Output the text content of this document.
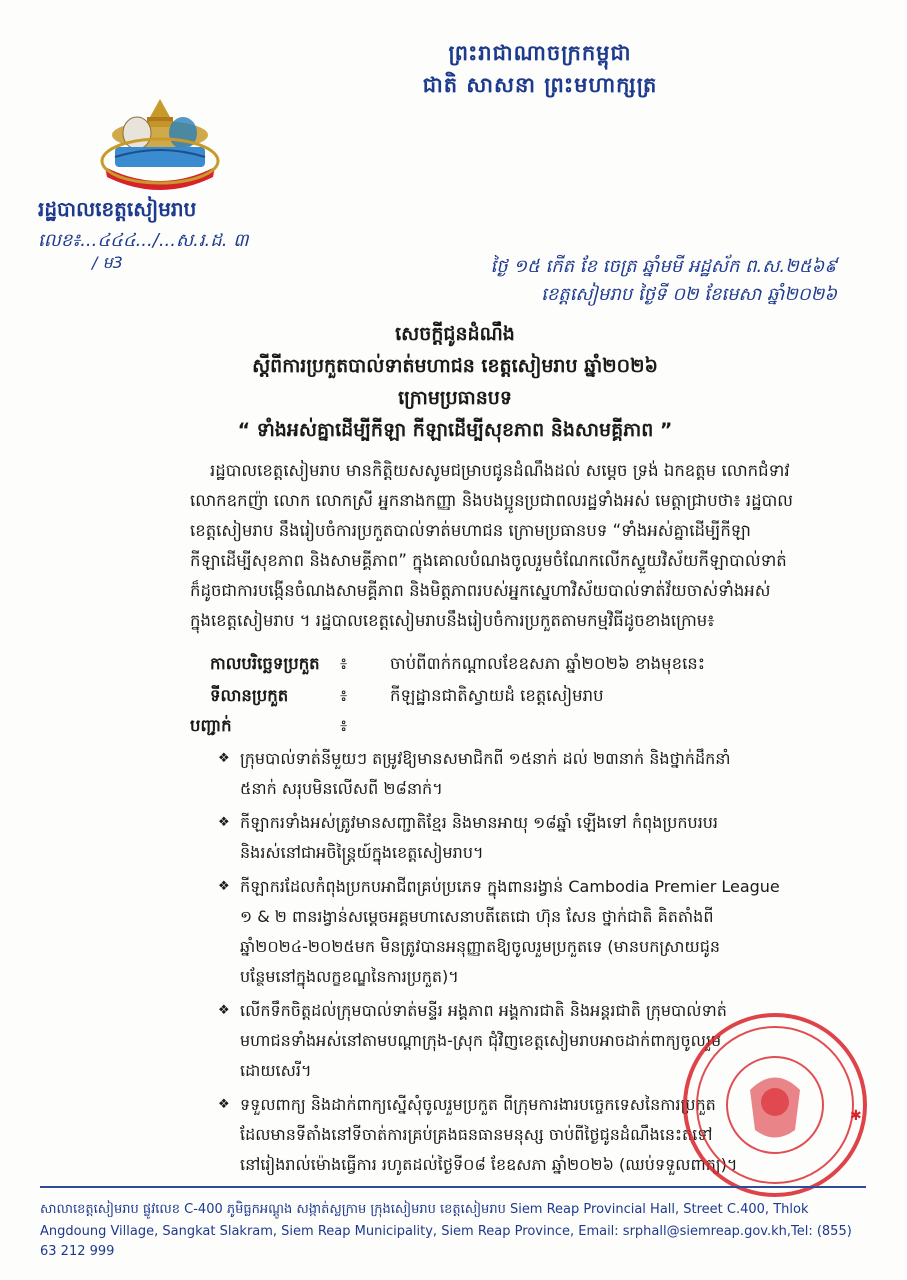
ព្រះរាជាណាចក្រកម្ពុជា
ជាតិ សាសនា ព្រះមហាក្សត្រ
រដ្ឋបាលខេត្តសៀមរាប
លេខ៖...៤៤៤.../...ស.រ.ដ. ៣
/ ម3	ថ្ងៃ ១៥ កើត ខែ ចេត្រ ឆ្នាំមមី អដ្ឋស័ក ព.ស.២៥៦៩
ខេត្តសៀមរាប ថ្ងៃទី ០២ ខែមេសា ឆ្នាំ២០២៦
សេចក្តីជូនដំណឹង
ស្តីពីការប្រកួតបាល់ទាត់មហាជន ខេត្តសៀមរាប ឆ្នាំ២០២៦
ក្រោមប្រធានបទ
“ ទាំងអស់គ្នាដើម្បីកីឡា កីឡាដើម្បីសុខភាព និងសាមគ្គីភាព ”
រដ្ឋបាលខេត្តសៀមរាប មានកិត្តិយសសូមជម្រាបជូនដំណឹងដល់ សម្តេច ទ្រង់ ឯកឧត្តម លោកជំទាវ
លោកឧកញ៉ា លោក លោកស្រី អ្នកនាងកញ្ញា និងបងប្អូនប្រជាពលរដ្ឋទាំងអស់ មេត្តាជ្រាបថា៖ រដ្ឋបាល
ខេត្តសៀមរាប នឹងរៀបចំការប្រកួតបាល់ទាត់មហាជន ក្រោមប្រធានបទ “ទាំងអស់គ្នាដើម្បីកីឡា
កីឡាដើម្បីសុខភាព និងសាមគ្គីភាព” ក្នុងគោលបំណងចូលរួមចំណែកលើកស្ទួយវិស័យកីឡាបាល់ទាត់
ក៏ដូចជាការបង្កើនចំណងសាមគ្គីភាព និងមិត្តភាពរបស់អ្នកស្នេហាវិស័យបាល់ទាត់វ័យចាស់ទាំងអស់
ក្នុងខេត្តសៀមរាប ។ រដ្ឋបាលខេត្តសៀមរាបនឹងរៀបចំការប្រកួតតាមកម្មវិធីដូចខាងក្រោម៖
កាលបរិច្ឆេទប្រកួត ៖	ចាប់ពី៣ក់កណ្តាលខែឧសភា ឆ្នាំ២០២៦ ខាងមុខនេះ
ទីលានប្រកួត	៖	កីឡដ្ឋានជាតិស្វាយដំ ខេត្តសៀមរាប
បញ្ជាក់	៖
❖ ក្រុមបាល់ទាត់នីមួយៗ តម្រូវឱ្យមានសមាជិកពី ១៥នាក់ ដល់ ២៣នាក់ និងថ្នាក់ដឹកនាំ
៥នាក់ សរុបមិនលើសពី ២៨នាក់។
❖ កីឡាករទាំងអស់ត្រូវមានសញ្ជាតិខ្មែរ និងមានអាយុ ១៨ឆ្នាំ ឡើងទៅ កំពុងប្រកបរបរ
និងរស់នៅជាអចិន្ត្រៃយ៍ក្នុងខេត្តសៀមរាប។
❖ កីឡាករដែលកំពុងប្រកបអាជីពគ្រប់ប្រភេទ ក្នុងពានរង្វាន់ Cambodia Premier League
១ & ២ ពានរង្វាន់សម្តេចអគ្គមហាសេនាបតីតេជោ ហ៊ុន សែន ថ្នាក់ជាតិ គិតតាំងពី
ឆ្នាំ២០២៤-២០២៥មក មិនត្រូវបានអនុញ្ញាតឱ្យចូលរួមប្រកួតទេ (មានបកស្រាយជូន
បន្ថែមនៅក្នុងលក្ខខណ្ឌនៃការប្រកួត)។
❖ លើកទឹកចិត្តដល់ក្រុមបាល់ទាត់មន្ទីរ អង្គភាព អង្គការជាតិ និងអន្តរជាតិ ក្រុមបាល់ទាត់
មហាជនទាំងអស់នៅតាមបណ្តាក្រុង-ស្រុក ជុំវិញខេត្តសៀមរាបអាចដាក់ពាក្យចូលរួម
ដោយសេរី។
❖ ទទួលពាក្យ និងដាក់ពាក្យស្នើសុំចូលរួមប្រកួត ពីក្រុមការងារបច្ចេកទេសនៃការប្រកួត
ដែលមានទីតាំងនៅទីចាត់ការគ្រប់គ្រងធនធានមនុស្ស ចាប់ពីថ្ងៃជូនដំណឹងនេះតទៅ
នៅរៀងរាល់ម៉ោងធ្វើការ រហូតដល់ថ្ងៃទី០៨ ខែឧសភា ឆ្នាំ២០២៦ (ឈប់ទទួលពាក្យ)។
✱
សាលាខេត្តសៀមរាប ផ្លូវលេខ C-400 ភូមិធ្លកអណ្តូង សង្កាត់ស្លក្រាម ក្រុងសៀមរាប ខេត្តសៀមរាប Siem Reap Provincial Hall, Street C.400, Thlok
Angdoung Village, Sangkat Slakram, Siem Reap Municipality, Siem Reap Province, Email: srphall@siemreap.gov.kh,Tel: (855) 63 212 999
